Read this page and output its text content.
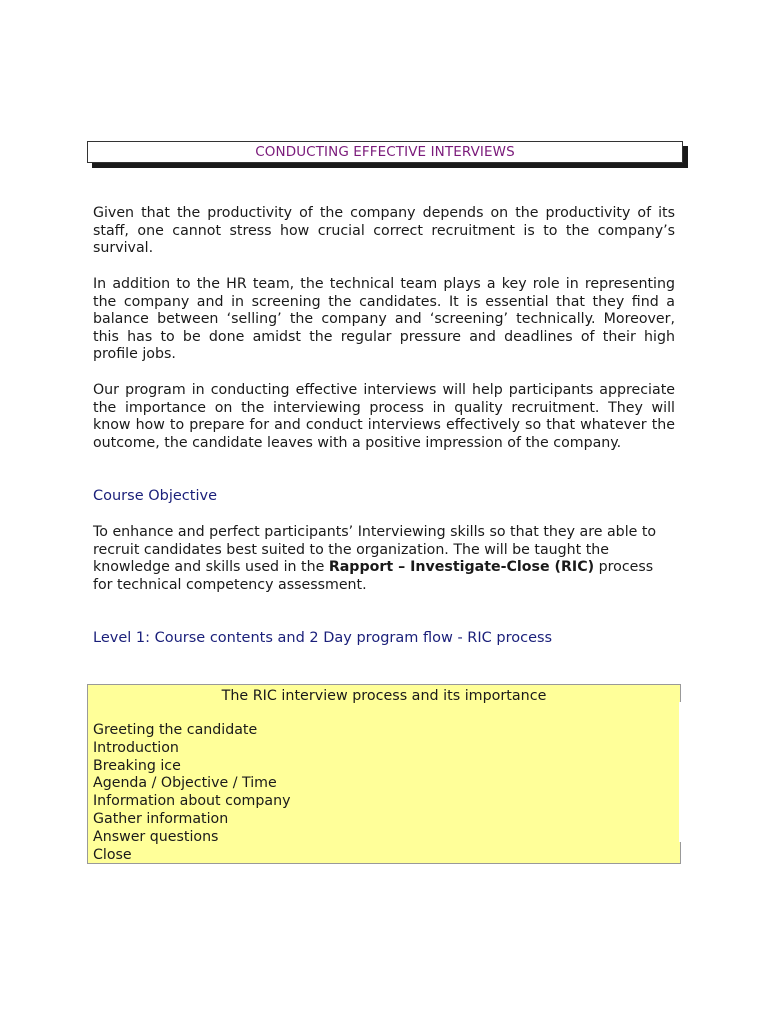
CONDUCTING EFFECTIVE INTERVIEWS

Given that the productivity of the company depends on the productivity of its staff, one cannot stress how crucial correct recruitment is to the company’s survival.

In addition to the HR team, the technical team plays a key role in representing the company and in screening the candidates. It is essential that they find a balance between ‘selling’ the company and ‘screening’ technically. Moreover, this has to be done amidst the regular pressure and deadlines of their high profile jobs.

Our program in conducting effective interviews will help participants appreciate the importance on the interviewing process in quality recruitment. They will know how to prepare for and conduct interviews effectively so that whatever the outcome, the candidate leaves with a positive impression of the company.

Course Objective

To enhance and perfect participants’ Interviewing skills so that they are able to recruit candidates best suited to the organization. The will be taught the knowledge and skills used in the Rapport – Investigate-Close (RIC) process for technical competency assessment.

Level 1: Course contents and 2 Day program flow - RIC process
The RIC interview process and its importance
Greeting the candidate
Introduction
Breaking ice
Agenda / Objective / Time
Information about company
Gather information
Answer questions
Close
